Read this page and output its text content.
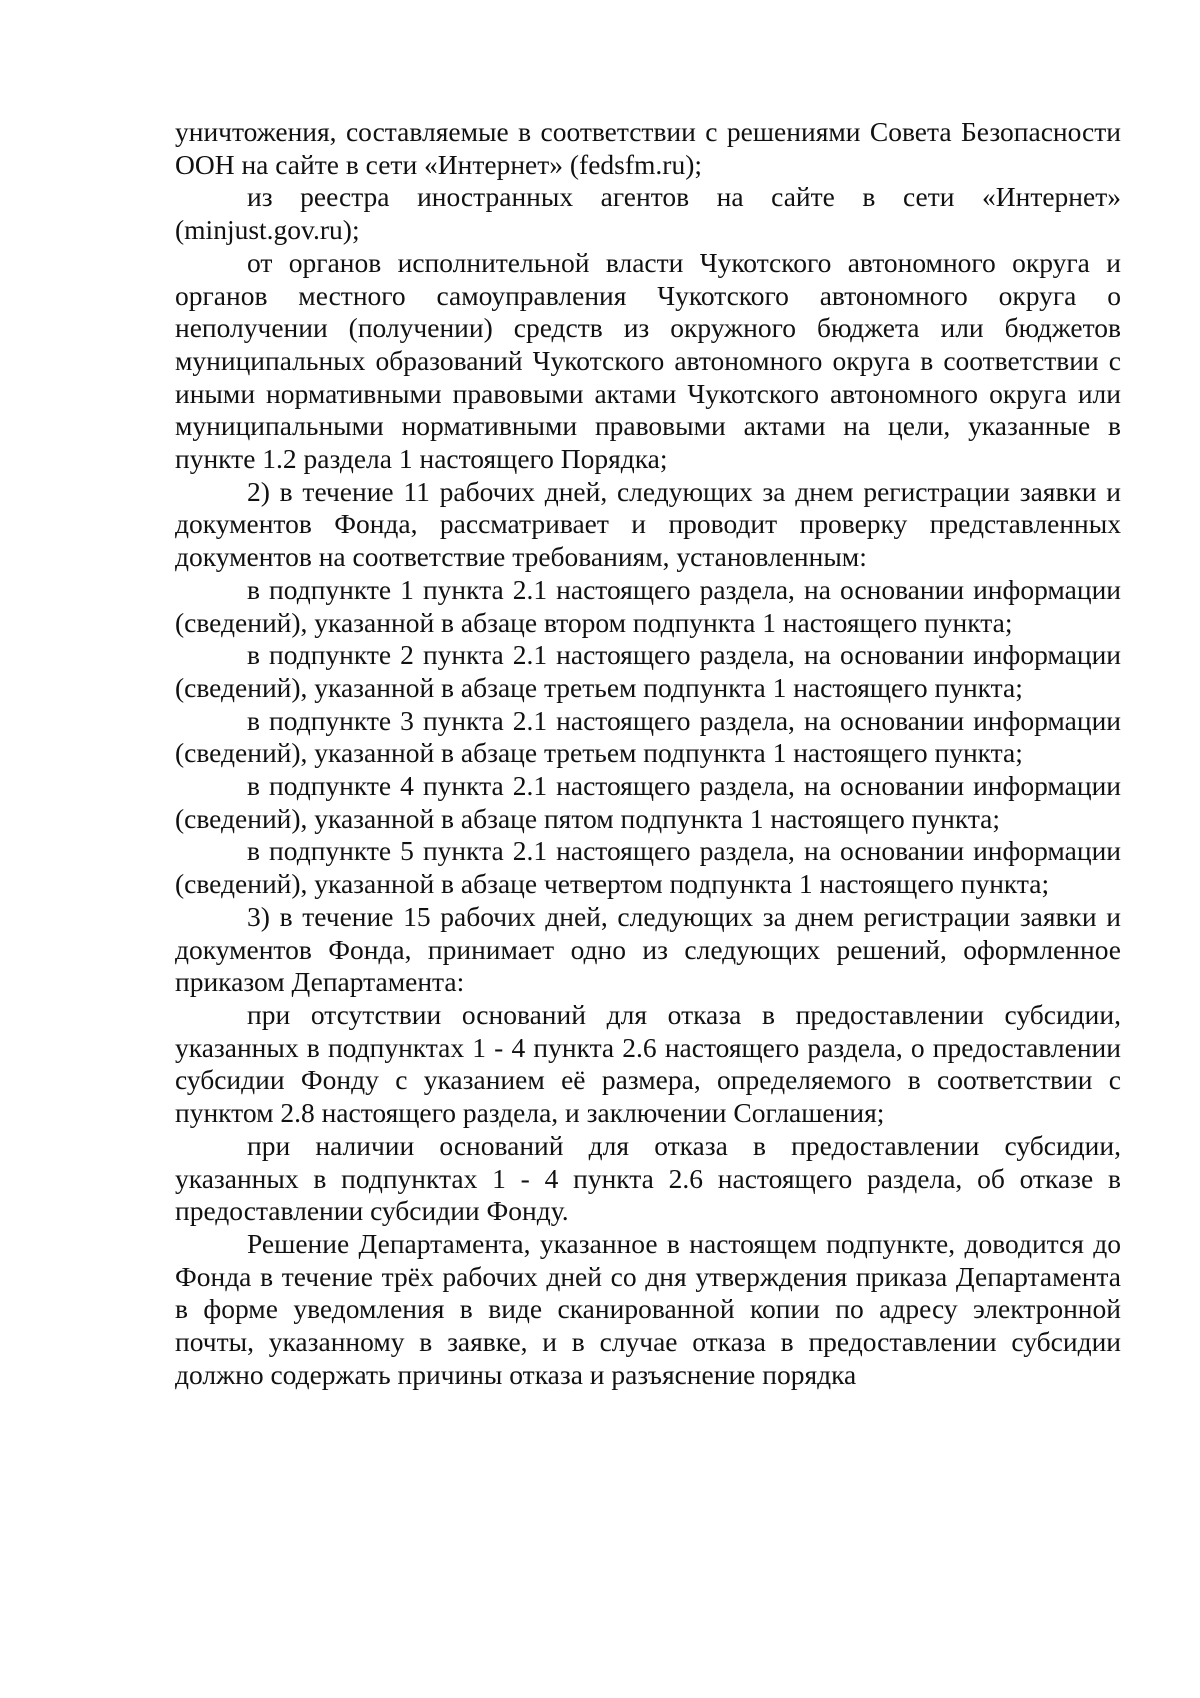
уничтожения, составляемые в соответствии с решениями Совета Безопасности ООН на сайте в сети «Интернет» (fedsfm.ru);

из реестра иностранных агентов на сайте в сети «Интернет» (minjust.gov.ru);

от органов исполнительной власти Чукотского автономного округа и органов местного самоуправления Чукотского автономного округа о неполучении (получении) средств из окружного бюджета или бюджетов муниципальных образований Чукотского автономного округа в соответствии с иными нормативными правовыми актами Чукотского автономного округа или муниципальными нормативными правовыми актами на цели, указанные в пункте 1.2 раздела 1 настоящего Порядка;

2) в течение 11 рабочих дней, следующих за днем регистрации заявки и документов Фонда, рассматривает и проводит проверку представленных документов на соответствие требованиям, установленным:

в подпункте 1 пункта 2.1 настоящего раздела, на основании информации (сведений), указанной в абзаце втором подпункта 1 настоящего пункта;

в подпункте 2 пункта 2.1 настоящего раздела, на основании информации (сведений), указанной в абзаце третьем подпункта 1 настоящего пункта;

в подпункте 3 пункта 2.1 настоящего раздела, на основании информации (сведений), указанной в абзаце третьем подпункта 1 настоящего пункта;

в подпункте 4 пункта 2.1 настоящего раздела, на основании информации (сведений), указанной в абзаце пятом подпункта 1 настоящего пункта;

в подпункте 5 пункта 2.1 настоящего раздела, на основании информации (сведений), указанной в абзаце четвертом подпункта 1 настоящего пункта;

3) в течение 15 рабочих дней, следующих за днем регистрации заявки и документов Фонда, принимает одно из следующих решений, оформленное приказом Департамента:

при отсутствии оснований для отказа в предоставлении субсидии, указанных в подпунктах 1 - 4 пункта 2.6 настоящего раздела, о предоставлении субсидии Фонду с указанием её размера, определяемого в соответствии с пунктом 2.8 настоящего раздела, и заключении Соглашения;

при наличии оснований для отказа в предоставлении субсидии, указанных в подпунктах 1 - 4 пункта 2.6 настоящего раздела, об отказе в предоставлении субсидии Фонду.

Решение Департамента, указанное в настоящем подпункте, доводится до Фонда в течение трёх рабочих дней со дня утверждения приказа Департамента в форме уведомления в виде сканированной копии по адресу электронной почты, указанному в заявке, и в случае отказа в предоставлении субсидии должно содержать причины отказа и разъяснение порядка
